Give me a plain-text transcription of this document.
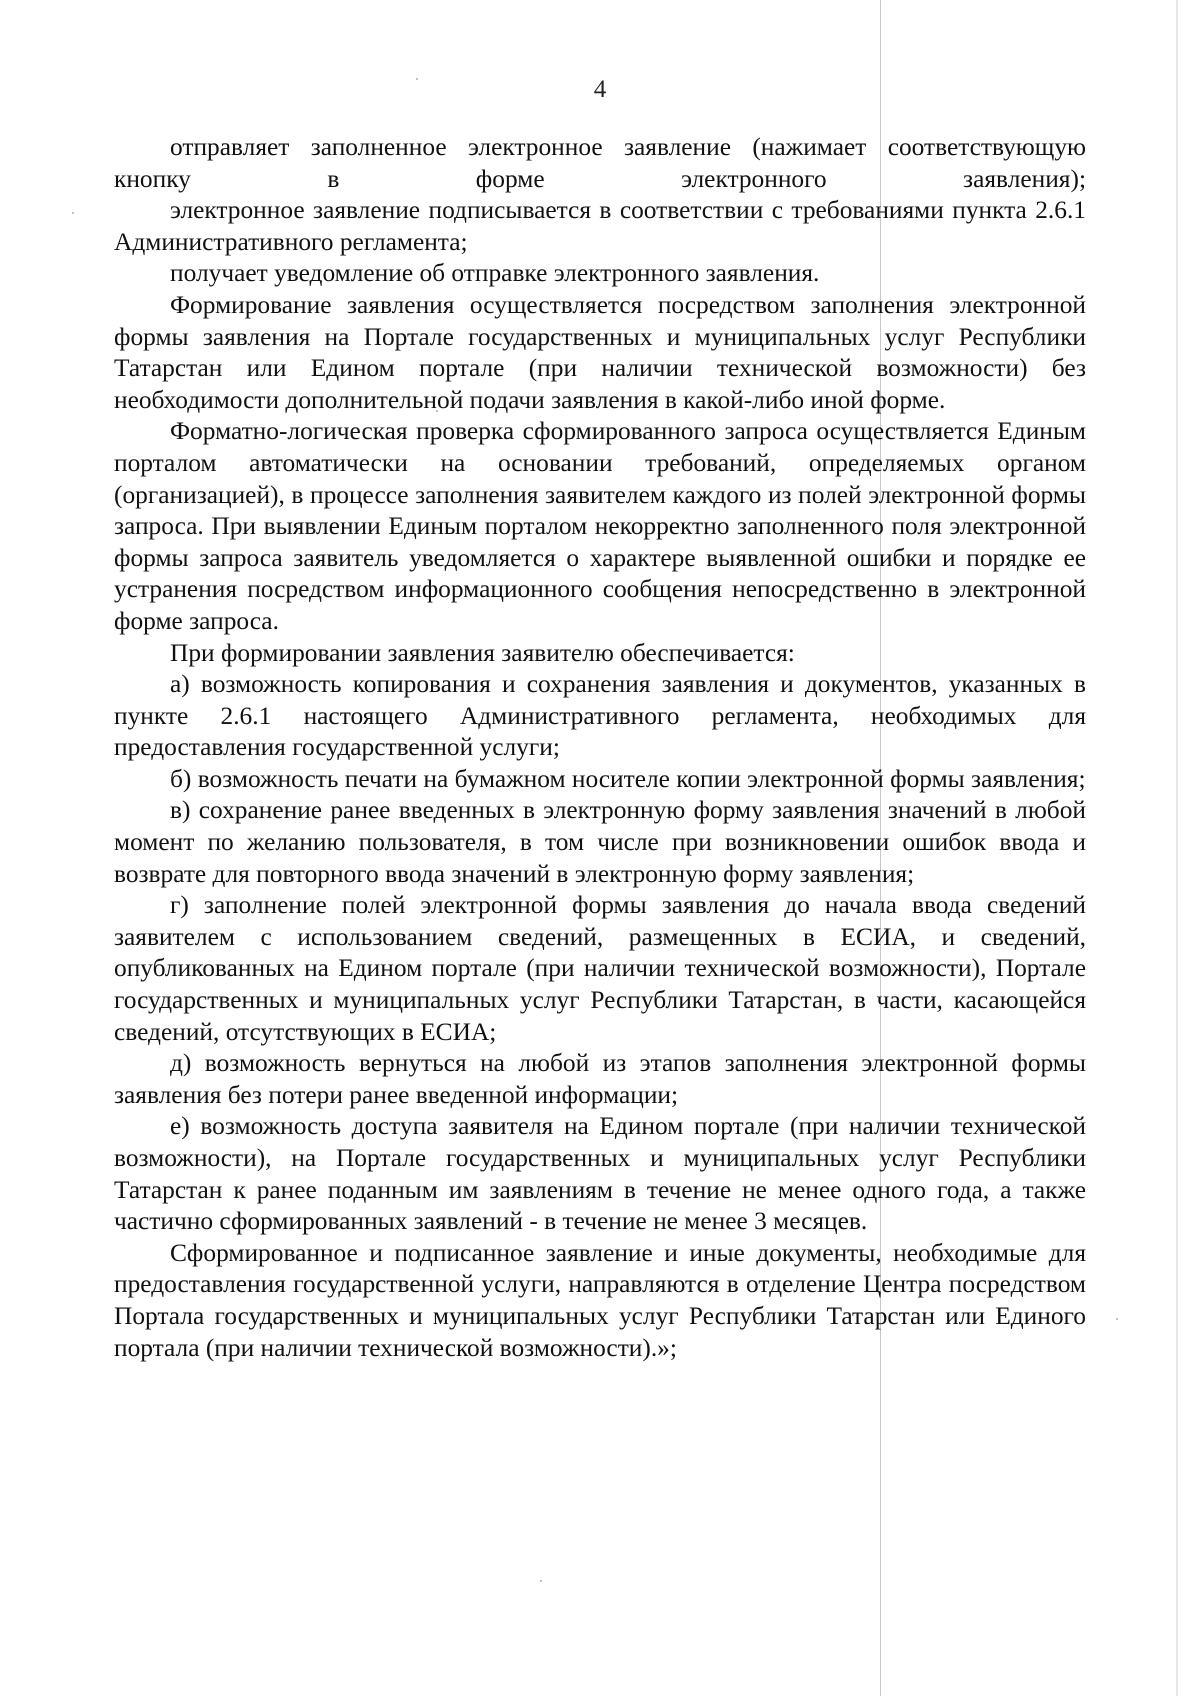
4

отправляет заполненное электронное заявление (нажимает соответствующую кнопку в форме электронного заявления);

электронное заявление подписывается в соответствии с требованиями пункта 2.6.1 Административного регламента;

получает уведомление об отправке электронного заявления.

Формирование заявления осуществляется посредством заполнения электронной формы заявления на Портале государственных и муниципальных услуг Республики Татарстан или Едином портале (при наличии технической возможности) без необходимости дополнительной подачи заявления в какой-либо иной форме.

Форматно-логическая проверка сформированного запроса осуществляется Единым порталом автоматически на основании требований, определяемых органом (организацией), в процессе заполнения заявителем каждого из полей электронной формы запроса. При выявлении Единым порталом некорректно заполненного поля электронной формы запроса заявитель уведомляется о характере выявленной ошибки и порядке ее устранения посредством информационного сообщения непосредственно в электронной форме запроса.

При формировании заявления заявителю обеспечивается:

а) возможность копирования и сохранения заявления и документов, указанных в пункте 2.6.1 настоящего Административного регламента, необходимых для предоставления государственной услуги;

б) возможность печати на бумажном носителе копии электронной формы заявления;

в) сохранение ранее введенных в электронную форму заявления значений в любой момент по желанию пользователя, в том числе при возникновении ошибок ввода и возврате для повторного ввода значений в электронную форму заявления;

г) заполнение полей электронной формы заявления до начала ввода сведений заявителем с использованием сведений, размещенных в ЕСИА, и сведений, опубликованных на Едином портале (при наличии технической возможности), Портале государственных и муниципальных услуг Республики Татарстан, в части, касающейся сведений, отсутствующих в ЕСИА;

д) возможность вернуться на любой из этапов заполнения электронной формы заявления без потери ранее введенной информации;

е) возможность доступа заявителя на Едином портале (при наличии технической возможности), на Портале государственных и муниципальных услуг Республики Татарстан к ранее поданным им заявлениям в течение не менее одного года, а также частично сформированных заявлений - в течение не менее 3 месяцев.

Сформированное и подписанное заявление и иные документы, необходимые для предоставления государственной услуги, направляются в отделение Центра посредством Портала государственных и муниципальных услуг Республики Татарстан или Единого портала (при наличии технической возможности).»;
